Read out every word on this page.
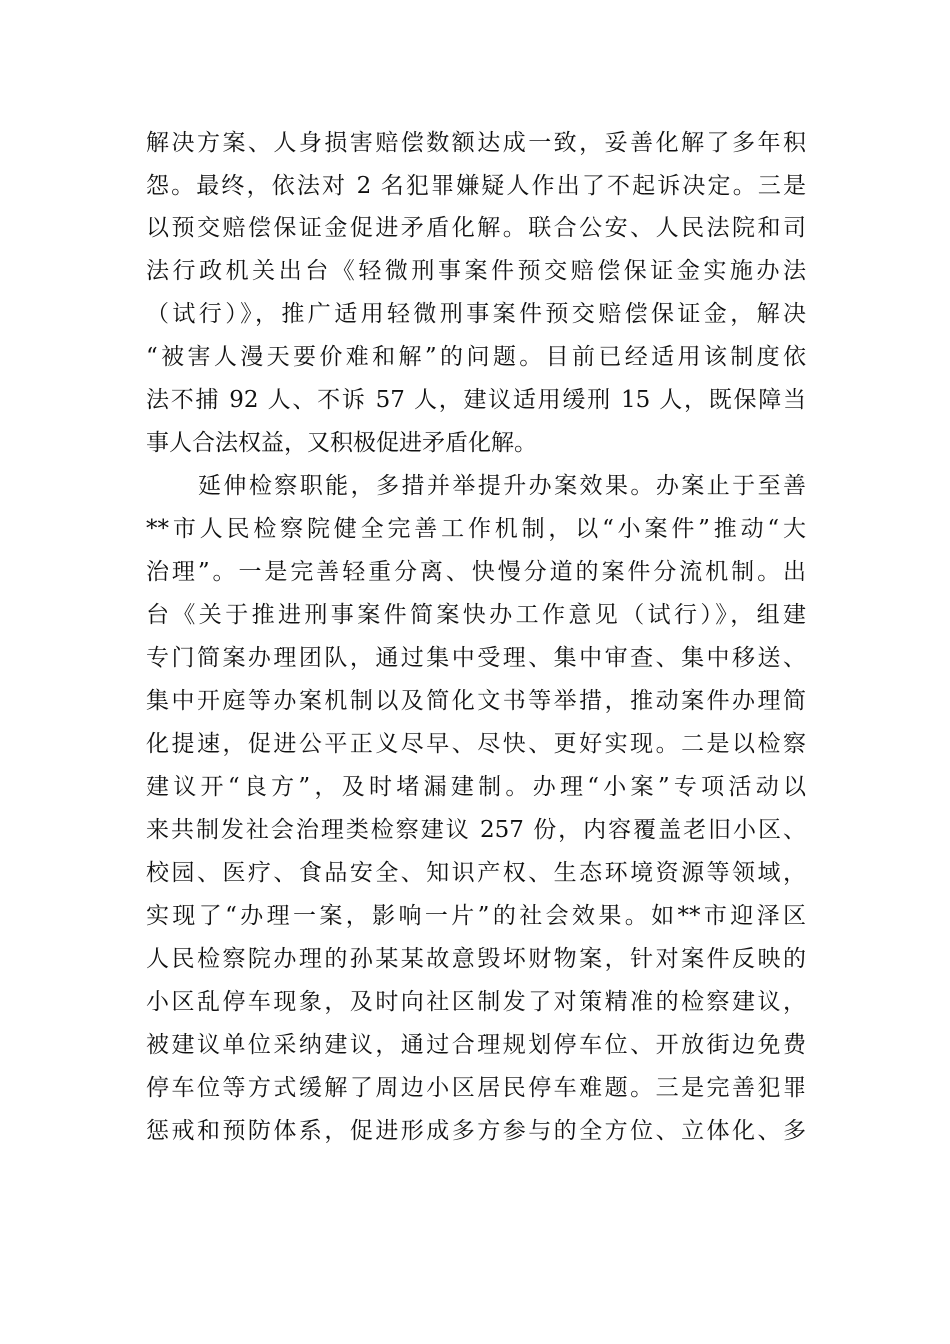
解决方案、人身损害赔偿数额达成一致，妥善化解了多年积
怨。最终，依法对 2 名犯罪嫌疑人作出了不起诉决定。三是
以预交赔偿保证金促进矛盾化解。联合公安、人民法院和司
法行政机关出台《轻微刑事案件预交赔偿保证金实施办法
（试行）》，推广适用轻微刑事案件预交赔偿保证金，解决
“被害人漫天要价难和解”的问题。目前已经适用该制度依
法不捕 92 人、不诉 57 人，建议适用缓刑 15 人，既保障当
事人合法权益，又积极促进矛盾化解。
延伸检察职能，多措并举提升办案效果。办案止于至善
**市人民检察院健全完善工作机制，以“小案件”推动“大
治理”。一是完善轻重分离、快慢分道的案件分流机制。出
台《关于推进刑事案件简案快办工作意见（试行）》，组建
专门简案办理团队，通过集中受理、集中审查、集中移送、
集中开庭等办案机制以及简化文书等举措，推动案件办理简
化提速，促进公平正义尽早、尽快、更好实现。二是以检察
建议开“良方”，及时堵漏建制。办理“小案”专项活动以
来共制发社会治理类检察建议 257 份，内容覆盖老旧小区、
校园、医疗、食品安全、知识产权、生态环境资源等领域，
实现了“办理一案，影响一片”的社会效果。如**市迎泽区
人民检察院办理的孙某某故意毁坏财物案，针对案件反映的
小区乱停车现象，及时向社区制发了对策精准的检察建议，
被建议单位采纳建议，通过合理规划停车位、开放街边免费
停车位等方式缓解了周边小区居民停车难题。三是完善犯罪
惩戒和预防体系，促进形成多方参与的全方位、立体化、多
